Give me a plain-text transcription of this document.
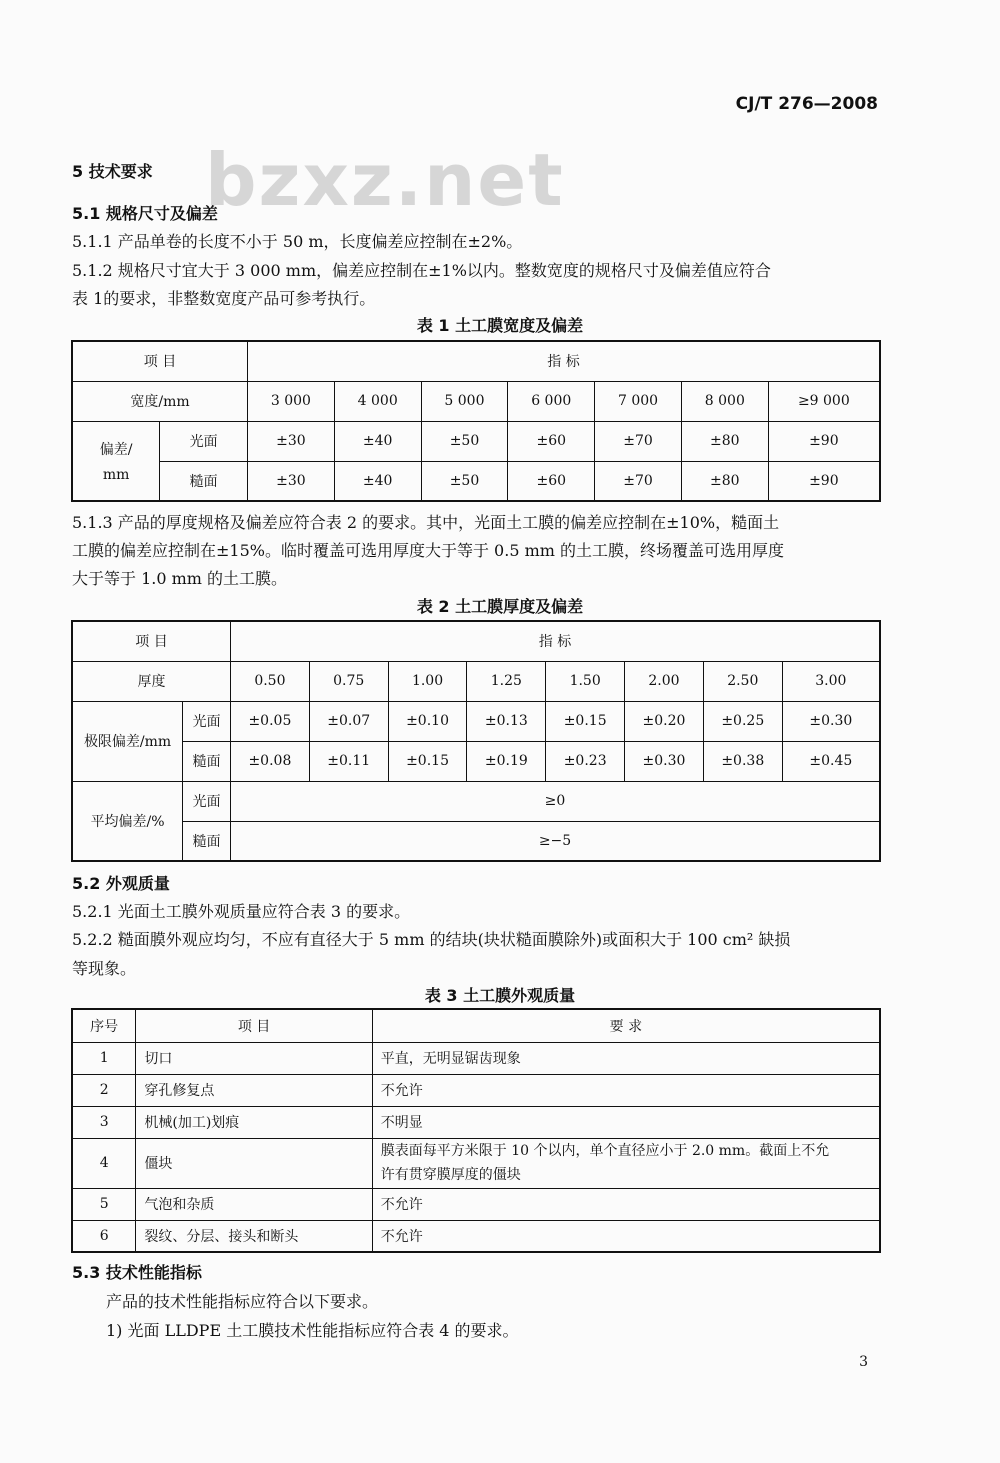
CJ/T 276—2008
bzxz.net
5 技术要求
5.1 规格尺寸及偏差
5.1.1 产品单卷的长度不小于 50 m，长度偏差应控制在±2%。
5.1.2 规格尺寸宜大于 3 000 mm，偏差应控制在±1%以内。整数宽度的规格尺寸及偏差值应符合
表 1的要求，非整数宽度产品可参考执行。
表 1 土工膜宽度及偏差
项 目		指 标						
宽度/mm		3 000	4 000	5 000	6 000	7 000	8 000	≥9 000

偏差/
mm	光面	±30	±40	±50	±60	±70	±80	±90
	糙面	±30	±40	±50	±60	±70	±80	±90
5.1.3 产品的厚度规格及偏差应符合表 2 的要求。其中，光面土工膜的偏差应控制在±10%，糙面土
工膜的偏差应控制在±15%。临时覆盖可选用厚度大于等于 0.5 mm 的土工膜，终场覆盖可选用厚度
大于等于 1.0 mm 的土工膜。
表 2 土工膜厚度及偏差
项 目		指 标							
厚度		0.50	0.75	1.00	1.25	1.50	2.00	2.50	3.00
极限偏差/mm	光面	±0.05	±0.07	±0.10	±0.13	±0.15	±0.20	±0.25	±0.30
	糙面	±0.08	±0.11	±0.15	±0.19	±0.23	±0.30	±0.38	±0.45
平均偏差/%	光面	≥0							
	糙面	≥−5							
5.2 外观质量
5.2.1 光面土工膜外观质量应符合表 3 的要求。
5.2.2 糙面膜外观应均匀，不应有直径大于 5 mm 的结块(块状糙面膜除外)或面积大于 100 cm² 缺损
等现象。
表 3 土工膜外观质量
序号	项 目	要 求
1	切口	平直，无明显锯齿现象
2	穿孔修复点	不允许
3	机械(加工)划痕	不明显
4	僵块	膜表面每平方米限于 10 个以内，单个直径应小于 2.0 mm。截面上不允
许有贯穿膜厚度的僵块

5	气泡和杂质	不允许
6	裂纹、分层、接头和断头	不允许
5.3 技术性能指标
产品的技术性能指标应符合以下要求。
1) 光面 LLDPE 土工膜技术性能指标应符合表 4 的要求。
3
